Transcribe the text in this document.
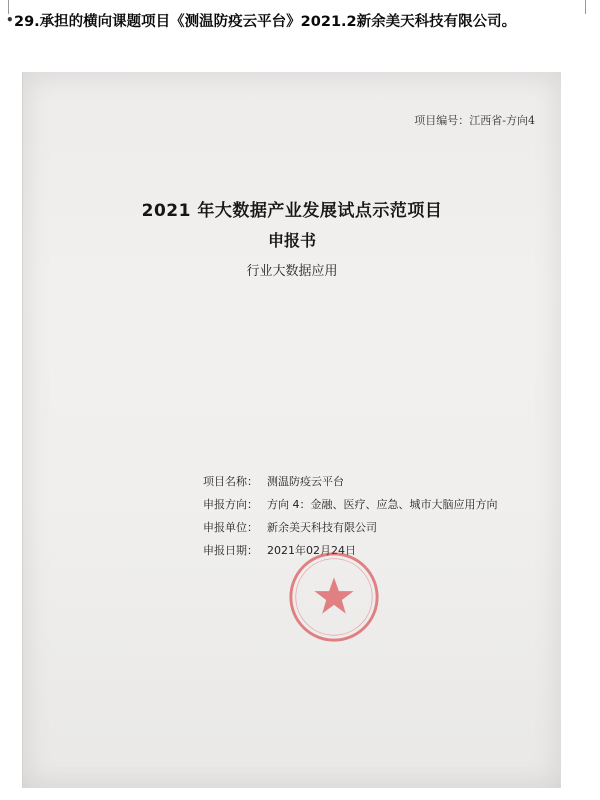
• 29.承担的横向课题项目《测温防疫云平台》2021.2新余美天科技有限公司。
项目编号：江西省-方向4
2021 年大数据产业发展试点示范项目
申报书
行业大数据应用
项目名称： 测温防疫云平台
申报方向： 方向 4：金融、医疗、应急、城市大脑应用方向
申报单位： 新余美天科技有限公司
申报日期： 2021年02月24日
